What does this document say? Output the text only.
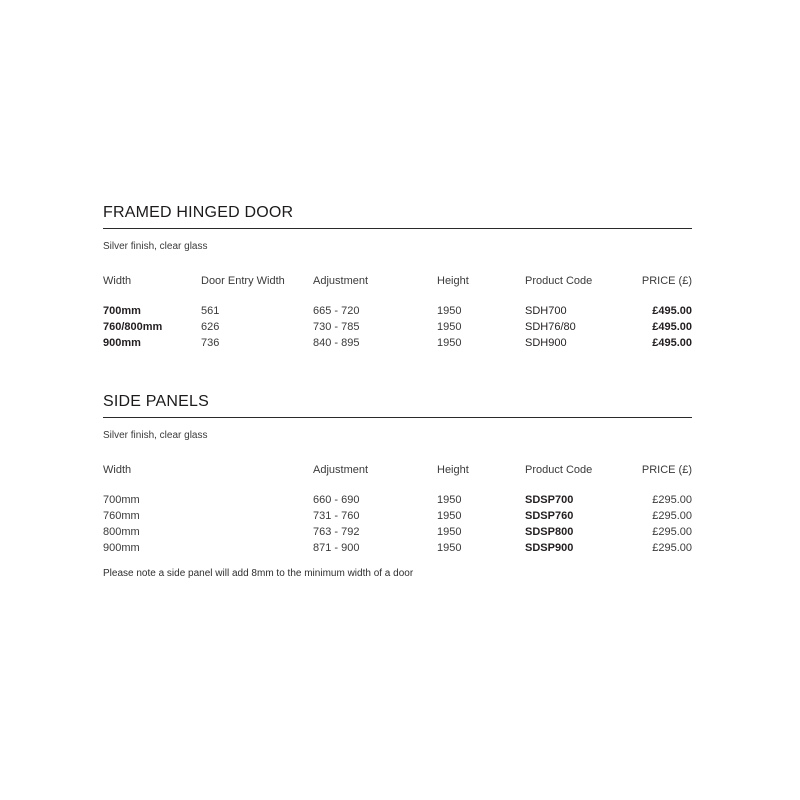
FRAMED HINGED DOOR
Silver finish, clear glass
Width	Door Entry Width	Adjustment	Height	Product Code	PRICE (£)
700mm	561	665 - 720	1950	SDH700	£495.00
760/800mm	626	730 - 785	1950	SDH76/80	£495.00
900mm	736	840 - 895	1950	SDH900	£495.00
SIDE PANELS
Silver finish, clear glass
Width	Adjustment	Height	Product Code	PRICE (£)
700mm	660 - 690	1950	SDSP700	£295.00
760mm	731 - 760	1950	SDSP760	£295.00
800mm	763 - 792	1950	SDSP800	£295.00
900mm	871 - 900	1950	SDSP900	£295.00
Please note a side panel will add 8mm to the minimum width of a door
